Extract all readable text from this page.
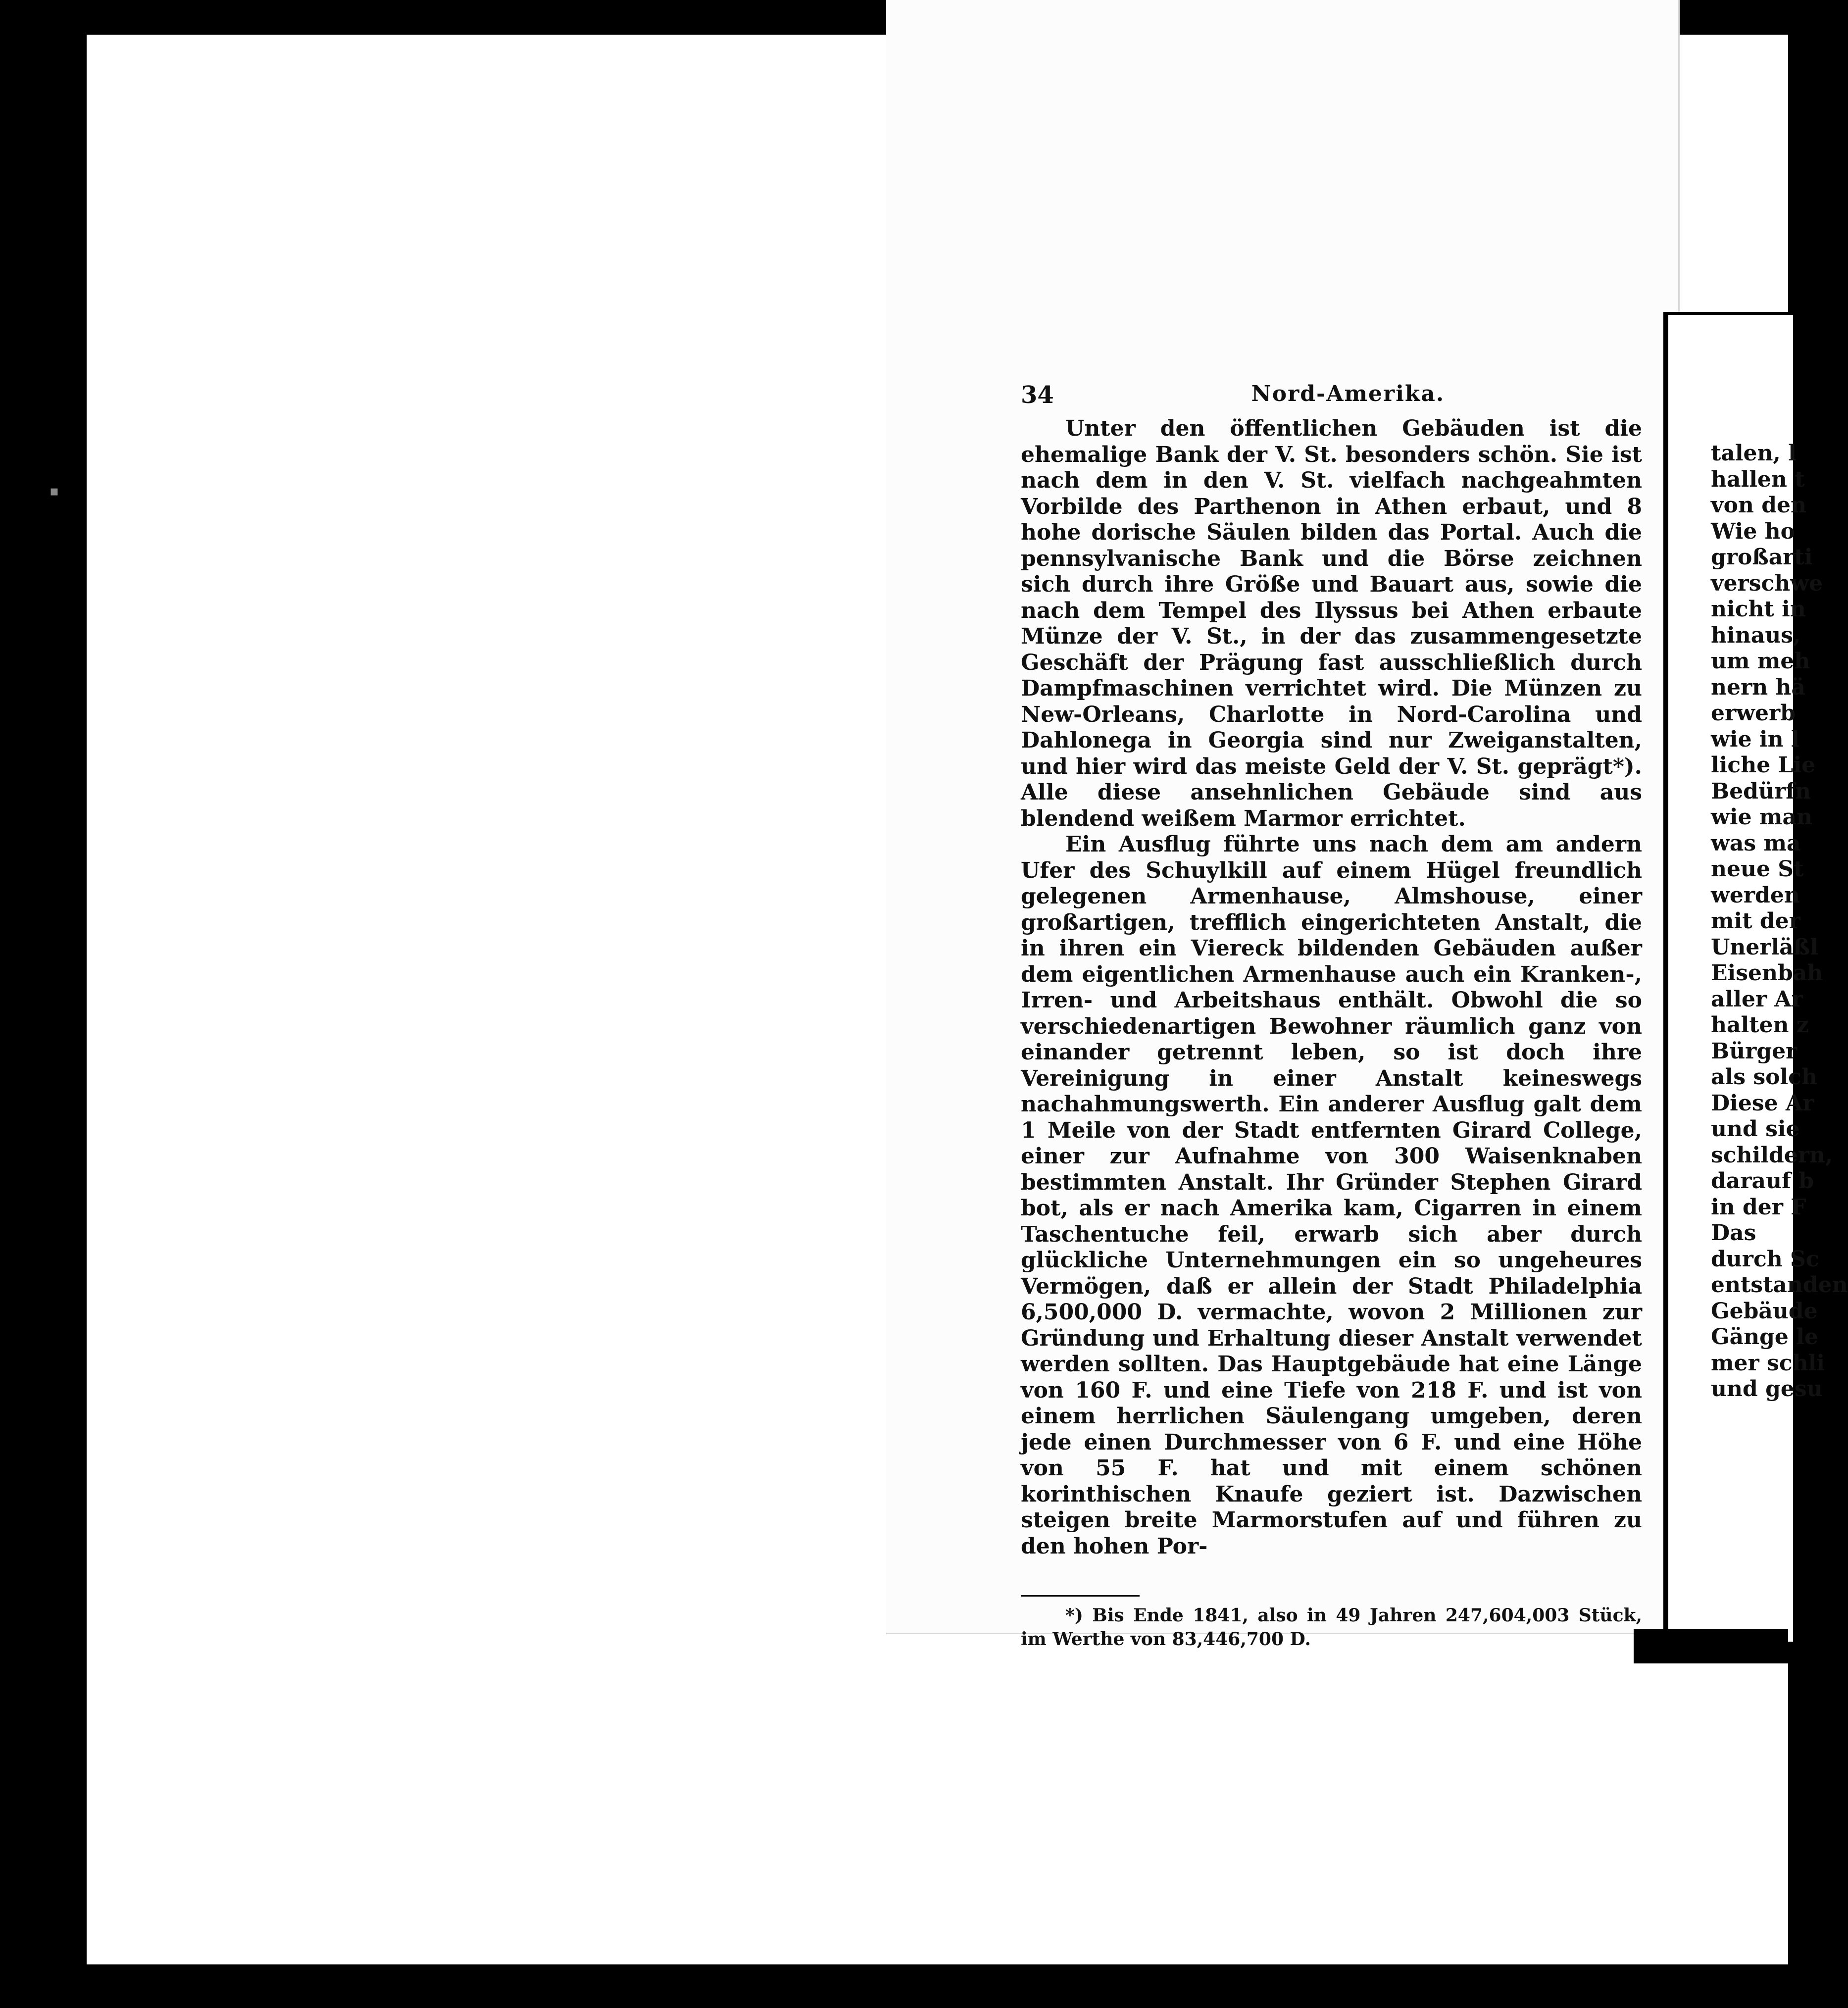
▪
34	Nord-Amerika.

Unter den öffentlichen Gebäuden ist die ehemalige Bank der V. St. besonders schön. Sie ist nach dem in den V. St. vielfach nachgeahmten Vorbilde des Parthenon in Athen erbaut, und 8 hohe dorische Säulen bilden das Portal. Auch die pennsylvanische Bank und die Börse zeichnen sich durch ihre Größe und Bauart aus, sowie die nach dem Tempel des Ilyssus bei Athen erbaute Münze der V. St., in der das zusammengesetzte Geschäft der Prägung fast ausschließlich durch Dampfmaschinen verrichtet wird. Die Münzen zu New-Orleans, Charlotte in Nord-Carolina und Dahlonega in Georgia sind nur Zweiganstalten, und hier wird das meiste Geld der V. St. geprägt*). Alle diese ansehnlichen Gebäude sind aus blendend weißem Marmor errichtet.

Ein Ausflug führte uns nach dem am andern Ufer des Schuylkill auf einem Hügel freundlich gelegenen Armenhause, Almshouse, einer großartigen, trefflich eingerichteten Anstalt, die in ihren ein Viereck bildenden Gebäuden außer dem eigentlichen Armenhause auch ein Kranken-, Irren- und Arbeitshaus enthält. Obwohl die so verschiedenartigen Bewohner räumlich ganz von einander getrennt leben, so ist doch ihre Vereinigung in einer Anstalt keineswegs nachahmungswerth. Ein anderer Ausflug galt dem 1 Meile von der Stadt entfernten Girard College, einer zur Aufnahme von 300 Waisenknaben bestimmten Anstalt. Ihr Gründer Stephen Girard bot, als er nach Amerika kam, Cigarren in einem Taschentuche feil, erwarb sich aber durch glückliche Unternehmungen ein so ungeheures Vermögen, daß er allein der Stadt Philadelphia 6,500,000 D. vermachte, wovon 2 Millionen zur Gründung und Erhaltung dieser Anstalt verwendet werden sollten. Das Hauptgebäude hat eine Länge von 160 F. und eine Tiefe von 218 F. und ist von einem herrlichen Säulengang umgeben, deren jede einen Durchmesser von 6 F. und eine Höhe von 55 F. hat und mit einem schönen korinthischen Knaufe geziert ist. Dazwischen steigen breite Marmorstufen auf und führen zu den hohen Por-

*) Bis Ende 1841, also in 49 Jahren 247,604,003 Stück, im Werthe von 83,446,700 D.

talen, l
hallen t
von den
Wie ho
großarti
verschwe
nicht in
hinaus,
um meh
nern hä
erwerb
wie in l
liche Lie
Bedürfn
wie man
was ma
neue St
werden
mit der
Unerläßl
Eisenbah
aller Ar
halten z
Bürger
als solch
Diese Ar
und sie
schildern,
darauf b
in der F
Das
durch Sc
entstanden
Gebäude
Gänge le
mer schli
und gesu
